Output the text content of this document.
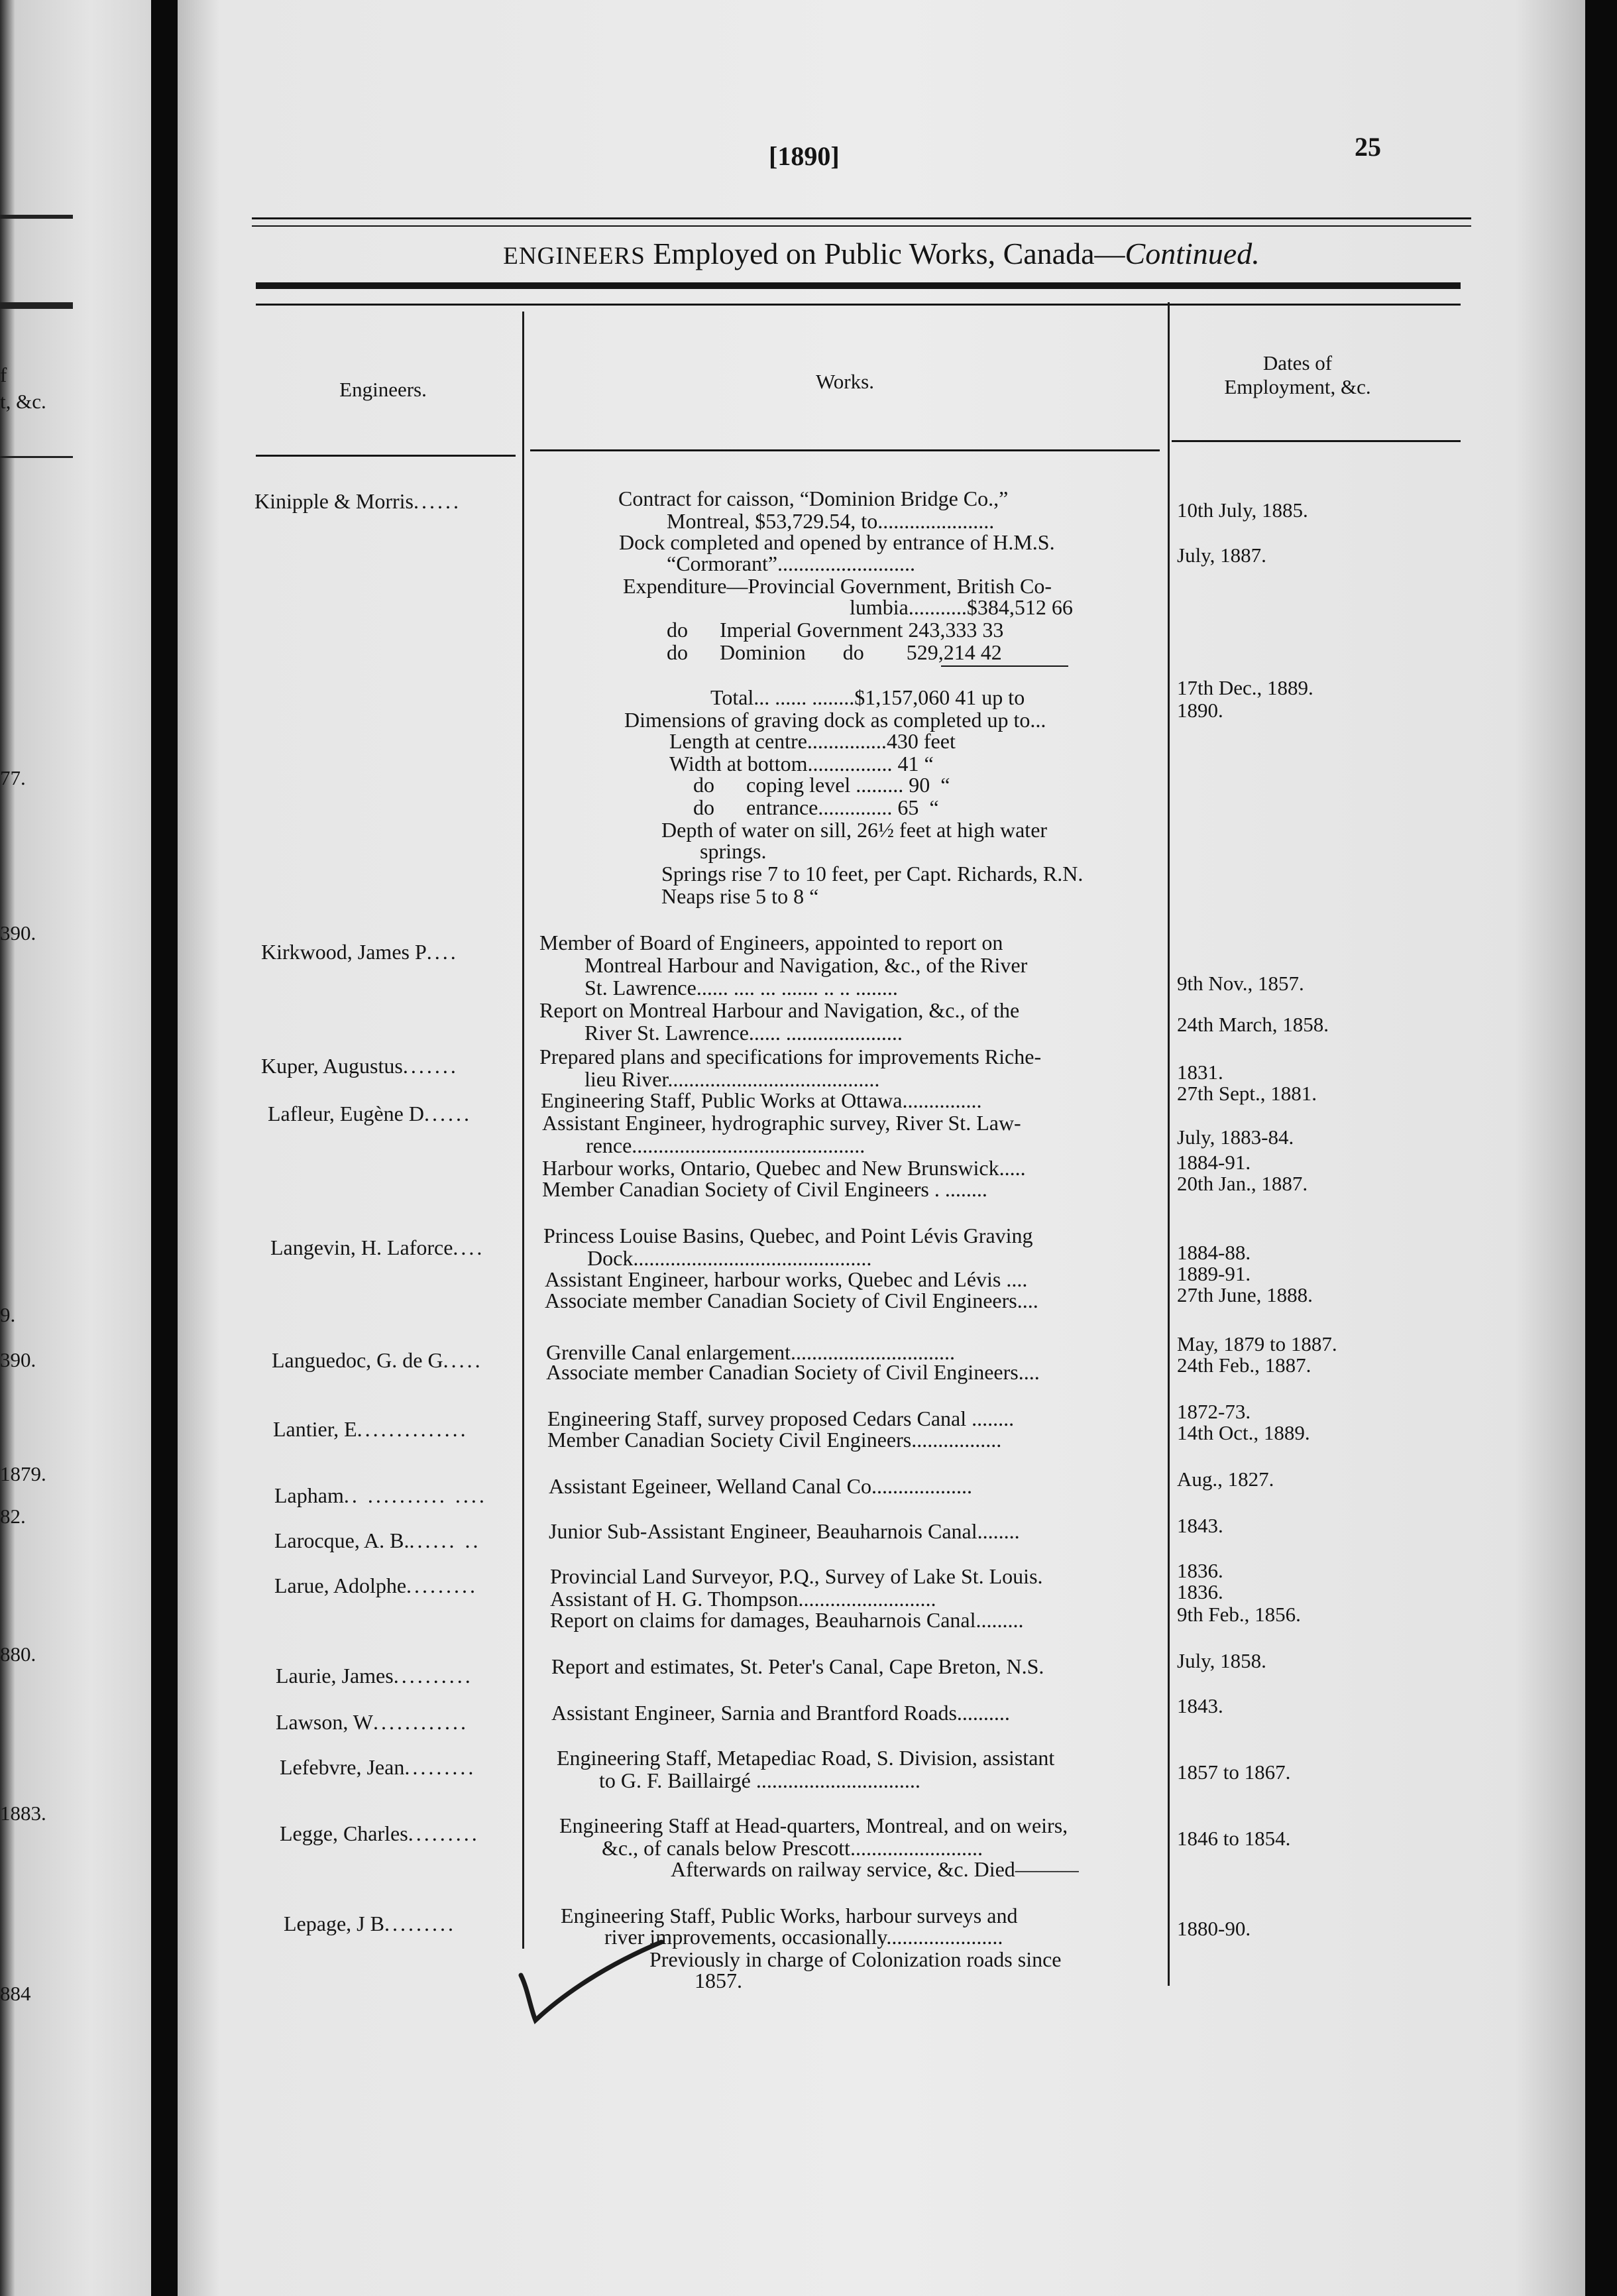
f
t, &c.
77.
390.
9.
390.
1879.
82.
880.
1883.
884
[1890]	25
ENGINEERS Employed on Public Works, Canada—Continued.
Engineers.	Works.
Dates of
Employment, &c.
Kinipple & Morris......
Kirkwood, James P....
Kuper, Augustus.......
Lafleur, Eugène D......
Langevin, H. Laforce....
Languedoc, G. de G.....
Lantier, E..............
Lapham.. .......... ....
Larocque, A. B....... ..
Larue, Adolphe.........
Laurie, James..........
Lawson, W............
Lefebvre, Jean.........
Legge, Charles.........
Lepage, J B.........
Contract for caisson, “Dominion Bridge Co.,”
Montreal, $53,729.54, to......................
Dock completed and opened by entrance of H.M.S.
“Cormorant”..........................
Expenditure—Provincial Government, British Co-
lumbia...........$384,512 66
do      Imperial Government 243,333 33
do      Dominion       do        529,214 42
Total... ...... ........$1,157,060 41 up to
Dimensions of graving dock as completed up to...
Length at centre...............430 feet
Width at bottom................ 41 “
do      coping level ......... 90  “
do      entrance.............. 65  “
Depth of water on sill, 26½ feet at high water
springs.
Springs rise 7 to 10 feet, per Capt. Richards, R.N.
Neaps rise 5 to 8 “
Member of Board of Engineers, appointed to report on
Montreal Harbour and Navigation, &c., of the River
St. Lawrence...... .... ... ....... .. .. ........
Report on Montreal Harbour and Navigation, &c., of the
River St. Lawrence...... ......................
Prepared plans and specifications for improvements Riche-
lieu River........................................
Engineering Staff, Public Works at Ottawa...............
Assistant Engineer, hydrographic survey, River St. Law-
rence............................................
Harbour works, Ontario, Quebec and New Brunswick.....
Member Canadian Society of Civil Engineers . ........
Princess Louise Basins, Quebec, and Point Lévis Graving
Dock.............................................
Assistant Engineer, harbour works, Quebec and Lévis ....
Associate member Canadian Society of Civil Engineers....
Grenville Canal enlargement...............................
Associate member Canadian Society of Civil Engineers....
Engineering Staff, survey proposed Cedars Canal ........
Member Canadian Society Civil Engineers.................
Assistant Egeineer, Welland Canal Co...................
Junior Sub-Assistant Engineer, Beauharnois Canal........
Provincial Land Surveyor, P.Q., Survey of Lake St. Louis.
Assistant of H. G. Thompson..........................
Report on claims for damages, Beauharnois Canal.........
Report and estimates, St. Peter's Canal, Cape Breton, N.S.
Assistant Engineer, Sarnia and Brantford Roads..........
Engineering Staff, Metapediac Road, S. Division, assistant
to G. F. Baillairgé ...............................
Engineering Staff at Head-quarters, Montreal, and on weirs,
&c., of canals below Prescott.........................
Afterwards on railway service, &c. Died———
Engineering Staff, Public Works, harbour surveys and
river improvements, occasionally......................
Previously in charge of Colonization roads since
1857.
10th July, 1885.
July, 1887.
17th Dec., 1889.
1890.
9th Nov., 1857.
24th March, 1858.
1831.
27th Sept., 1881.
July, 1883-84.
1884-91.
20th Jan., 1887.
1884-88.
1889-91.
27th June, 1888.
May, 1879 to 1887.
24th Feb., 1887.
1872-73.
14th Oct., 1889.
Aug., 1827.
1843.
1836.
1836.
9th Feb., 1856.
July, 1858.
1843.
1857 to 1867.
1846 to 1854.
1880-90.
